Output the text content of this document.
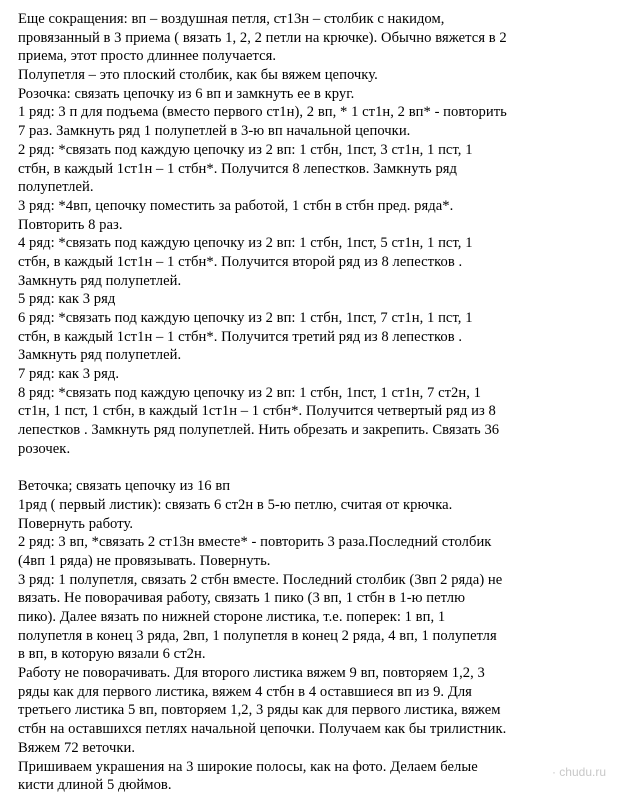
Еще сокращения: вп – воздушная петля, ст13н – столбик с накидом,
провязанный в 3 приема ( вязать 1, 2, 2 петли на крючке). Обычно вяжется в 2
приема, этот просто длиннее получается.
Полупетля – это плоский столбик, как бы вяжем цепочку.
Розочка: связать цепочку из 6 вп и замкнуть ее в круг.
1 ряд: 3 п для подъема (вместо первого ст1н), 2 вп, * 1 ст1н, 2 вп* - повторить
7 раз. Замкнуть ряд 1 полупетлей в 3-ю вп начальной цепочки.
2 ряд: *связать под каждую цепочку из 2 вп: 1 стбн, 1пст, 3 ст1н, 1 пст, 1
стбн, в каждый 1ст1н – 1 стбн*. Получится 8 лепестков. Замкнуть ряд
полупетлей.
3 ряд: *4вп, цепочку поместить за работой, 1 стбн в стбн пред. ряда*.
Повторить 8 раз.
4 ряд: *связать под каждую цепочку из 2 вп: 1 стбн, 1пст, 5 ст1н, 1 пст, 1
стбн, в каждый 1ст1н – 1 стбн*. Получится второй ряд из 8 лепестков .
Замкнуть ряд полупетлей.
5 ряд: как 3 ряд
6 ряд: *связать под каждую цепочку из 2 вп: 1 стбн, 1пст, 7 ст1н, 1 пст, 1
стбн, в каждый 1ст1н – 1 стбн*. Получится третий ряд из 8 лепестков .
Замкнуть ряд полупетлей.
7 ряд: как 3 ряд.
8 ряд: *связать под каждую цепочку из 2 вп: 1 стбн, 1пст, 1 ст1н, 7 ст2н, 1
ст1н, 1 пст, 1 стбн, в каждый 1ст1н – 1 стбн*. Получится четвертый ряд из 8
лепестков . Замкнуть ряд полупетлей. Нить обрезать и закрепить. Связать 36
розочек.
Веточка; связать цепочку из 16 вп
1ряд ( первый листик): связать 6 ст2н в 5-ю петлю, считая от крючка.
Повернуть работу.
2 ряд: 3 вп, *связать 2 ст13н вместе* - повторить 3 раза.Последний столбик
(4вп 1 ряда) не провязывать. Повернуть.
3 ряд: 1 полупетля, связать 2 стбн вместе. Последний столбик (3вп 2 ряда) не
вязать. Не поворачивая работу, связать 1 пико (3 вп, 1 стбн в 1-ю петлю
пико). Далее вязать по нижней стороне листика, т.е. поперек: 1 вп, 1
полупетля в конец 3 ряда, 2вп, 1 полупетля в конец 2 ряда, 4 вп, 1 полупетля
в вп, в которую вязали 6 ст2н.
Работу не поворачивать. Для второго листика вяжем 9 вп, повторяем 1,2, 3
ряды как для первого листика, вяжем 4 стбн в 4 оставшиеся вп из 9. Для
третьего листика 5 вп, повторяем 1,2, 3 ряды как для первого листика, вяжем
стбн на оставшихся петлях начальной цепочки. Получаем как бы трилистник.
Вяжем 72 веточки.
Пришиваем украшения на 3 широкие полосы, как на фото. Делаем белые
кисти длиной 5 дюймов.
· chudu.ru
